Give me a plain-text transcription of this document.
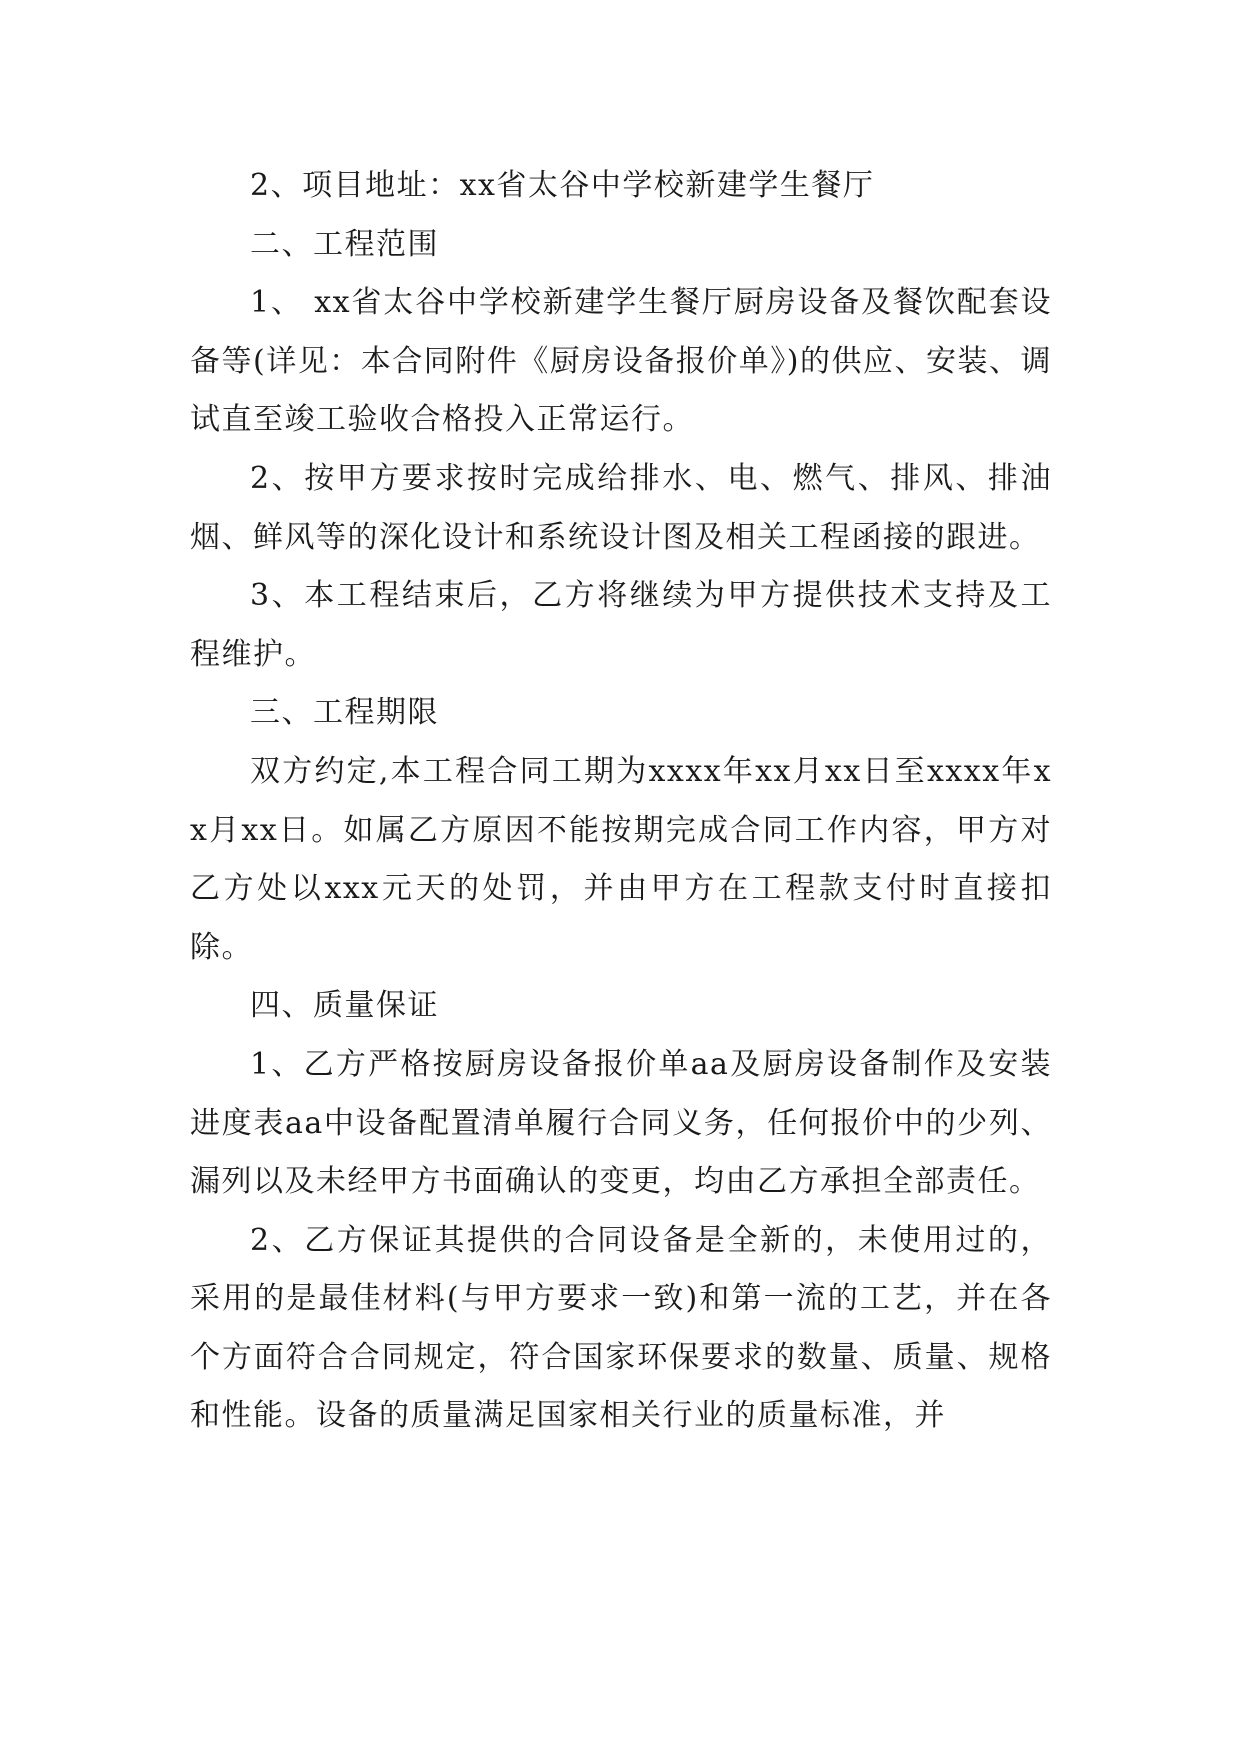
2、项目地址：xx省太谷中学校新建学生餐厅

二、工程范围

1、 xx省太谷中学校新建学生餐厅厨房设备及餐饮配套设备等(详见：本合同附件《厨房设备报价单》)的供应、安装、调试直至竣工验收合格投入正常运行。

2、按甲方要求按时完成给排水、电、燃气、排风、排油烟、鲜风等的深化设计和系统设计图及相关工程函接的跟进。

3、本工程结束后，乙方将继续为甲方提供技术支持及工程维护。

三、工程期限

双方约定,本工程合同工期为xxxx年xx月xx日至xxxx年xx月xx日。如属乙方原因不能按期完成合同工作内容，甲方对乙方处以xxx元天的处罚，并由甲方在工程款支付时直接扣除。

四、质量保证

1、乙方严格按厨房设备报价单aa及厨房设备制作及安装进度表aa中设备配置清单履行合同义务，任何报价中的少列、漏列以及未经甲方书面确认的变更，均由乙方承担全部责任。

2、乙方保证其提供的合同设备是全新的，未使用过的，采用的是最佳材料(与甲方要求一致)和第一流的工艺，并在各个方面符合合同规定，符合国家环保要求的数量、质量、规格和性能。设备的质量满足国家相关行业的质量标准，并
